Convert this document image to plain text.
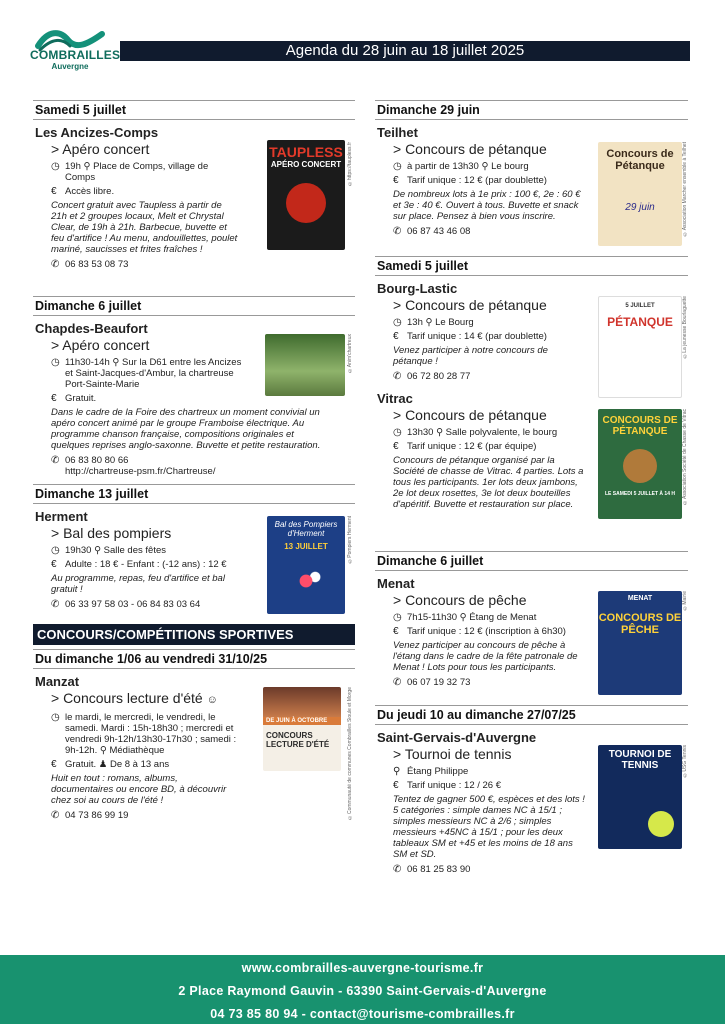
COMBRAILLES
Auvergne
Agenda du 28 juin au 18 juillet 2025
Samedi 5 juillet
Les Ancizes-Comps
> Apéro concert
◷ 19h ⚲ Place de Comps, village de Comps
€ Accès libre.
Concert gratuit avec Taupless à partir de 21h et 2 groupes locaux, Melt et Chrystal Clear, de 19h à 21h. Barbecue, buvette et feu d'artifice ! Au menu, andouillettes, poulet mariné, saucisses et frites fraîches !
✆ 06 83 53 08 73
TAUPLESS
APÉRO CONCERT	©https://taupless.fr
Dimanche 6 juillet
Chapdes-Beaufort
> Apéro concert
◷ 11h30-14h ⚲ Sur la D61 entre les Ancizes et Saint-Jacques-d'Ambur, la chartreuse Port-Sainte-Marie
€ Gratuit.
Dans le cadre de la Foire des chartreux un moment convivial un apéro concert animé par le groupe Framboise électrique. Au programme chanson française, compositions originales et quelques reprises anglo-saxonne. Buvette et petite restauration.
✆ 06 83 80 80 66
http://chartreuse-psm.fr/Chartreuse/
©Anim'chartreux
Dimanche 13 juillet
Herment
> Bal des pompiers
◷ 19h30 ⚲ Salle des fêtes
€ Adulte : 18 € - Enfant : (-12 ans) : 12 €
Au programme, repas, feu d'artifice et bal gratuit !
✆ 06 33 97 58 03 - 06 84 83 03 64
Bal des Pompiers d'Herment
13 JUILLET	©Pompiers Herment
CONCOURS/COMPÉTITIONS SPORTIVES
Du dimanche 1/06 au vendredi 31/10/25
Manzat
> Concours lecture d'été ☺
◷ le mardi, le mercredi, le vendredi, le samedi. Mardi : 15h-18h30 ; mercredi et vendredi 9h-12h/13h30-17h30 ; samedi : 9h-12h. ⚲ Médiathèque
€ Gratuit. ♟ De 8 à 13 ans
Huit en tout : romans, albums, documentaires ou encore BD, à découvrir chez soi au cours de l'été !
✆ 04 73 86 99 19
DE JUIN À OCTOBRE
CONCOURS LECTURE D'ÉTÉ	©Communauté de communes Combrailles Sioule et Morge
Dimanche 29 juin
Teilhet
> Concours de pétanque
◷ à partir de 13h30 ⚲ Le bourg
€ Tarif unique : 12 € (par doublette)
De nombreux lots à 1e prix : 100 €, 2e : 60 € et 3e : 40 €. Ouvert à tous. Buvette et snack sur place. Pensez à bien vous inscrire.
✆ 06 87 43 46 08
Concours de Pétanque
29 juin	©Association Marcher ensemble à Teilhet
Samedi 5 juillet
Bourg-Lastic
> Concours de pétanque
◷ 13h ⚲ Le Bourg
€ Tarif unique : 14 € (par doublette)
Venez participer à notre concours de pétanque !
✆ 06 72 80 28 77
5 JUILLET
PÉTANQUE	©La jeunesse Bourlaguette
Vitrac
> Concours de pétanque
◷ 13h30 ⚲ Salle polyvalente, le bourg
€ Tarif unique : 12 € (par équipe)
Concours de pétanque organisé par la Société de chasse de Vitrac. 4 parties. Lots a tous les participants. 1er lots deux jambons, 2e lot deux rosettes, 3e lot deux bouteilles d'apéritif. Buvette et restauration sur place.
CONCOURS DE PÉTANQUE
LE SAMEDI 5 JUILLET À 14 H	©Association Société de Chasse de Vitrac
Dimanche 6 juillet
Menat
> Concours de pêche
◷ 7h15-11h30 ⚲ Étang de Menat
€ Tarif unique : 12 € (inscription à 6h30)
Venez participer au concours de pêche à l'étang dans le cadre de la fête patronale de Menat ! Lots pour tous les participants.
✆ 06 07 19 32 73
MENAT
CONCOURS DE PÊCHE
©Mairie
Du jeudi 10 au dimanche 27/07/25
Saint-Gervais-d'Auvergne
> Tournoi de tennis
⚲ Étang Philippe
€ Tarif unique : 12 / 26 €
Tentez de gagner 500 €, espèces et des lots ! 5 catégories : simple dames NC à 15/1 ; simples messieurs NC à 2/6 ; simples messieurs +45NC à 15/1 ; pour les deux tableaux SM et +45 et les moins de 18 ans SM et SD.
✆ 06 81 25 83 90
TOURNOI DE TENNIS	©USG Tennis
www.combrailles-auvergne-tourisme.fr
2 Place Raymond Gauvin - 63390 Saint-Gervais-d'Auvergne
04 73 85 80 94 - contact@tourisme-combrailles.fr
